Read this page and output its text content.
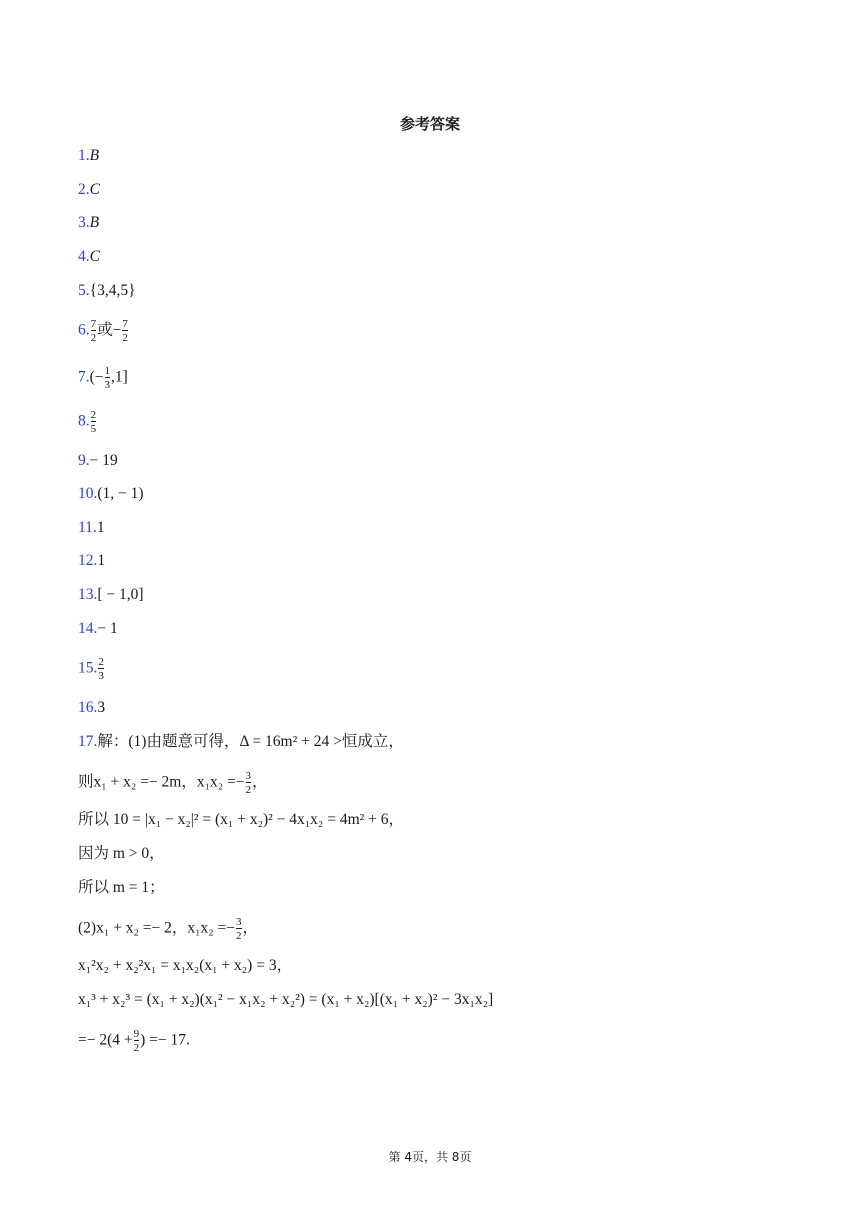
参考答案
1.B
2.C
3.B
4.C
5.{3,4,5}
6. $\frac{7}{2}$ 或− $\frac{7}{2}$
$7.(- \frac{1}{3} ,1]$
8. $\frac{2}{5}$
9.− 19
10.(1, − 1)
11.1
12.1
13.[ − 1,0]
14.− 1
15. $\frac{2}{3}$
16.3
17.解：(1)由题意可得，Δ = 16m² + 24 >恒成立，
则x₁ + x₂ =− 2m，$x_1x_2 =- \frac{3}{2}$ ，
所以 10 = |x₁ − x₂|² = (x₁ + x₂)² − 4x₁x₂ = 4m² + 6，
因为 m > 0，
所以 m = 1；
(2)x₁ + x₂ =− 2，$x_1x_2 =- \frac{3}{2}$ ，
x₁²x₂ + x₂²x₁ = x₁x₂(x₁ + x₂) = 3，
x₁³ + x₂³ = (x₁ + x₂)(x₁² − x₁x₂ + x₂²) = (x₁ + x₂)[(x₁ + x₂)² − 3x₁x₂]
=− $2(4 + \frac{9}{2}$ ) =− 17.
第 4页，共 8页
